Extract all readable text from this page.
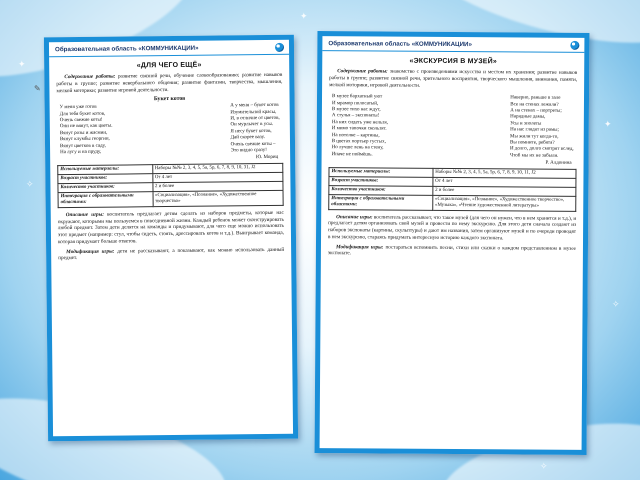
✦
✧
✦
✧
✦
✧
Образовательная область «КОММУНИКАЦИИ»
«ДЛЯ ЧЕГО ЕЩЁ»
Содержание работы: развитие связной речи, обучение словообразованию; развитие навыков работы в группе; развитие невербального общения; развитие фантазии, творчества, мышления, мелкой моторики; развитие игровой деятельности.
Букет котов
У меня уже готов
Для тебя букет котов,
Очень свежие коты!
Они не вянут, как цветы.
Вянут розы и жасмин,
Вянут клумбы георгин,
Вянут цветков в саду,
На лугу и на пруду,
А у меня – букет котов
Изумительной красы,
И, в отличие от цветов,
Он мурлычет в усы.
Я несу букет котов,
Дай скорее вазу.
Очень свежие коты –
Это видно сразу!
Ю. Мориц
Используемые материалы:	Наборы №№ 2, 3, 4, 5, 5а, 5р, 6, 7, 8, 9, 10, 31, J2
Возраст участников:	От 4 лет
Количество участников:	2 и более
Интеграция с образовательными областями:	«Социализация», «Познание», «Художественное творчество»
Описание игры: воспитатель предлагает детям сделать из наборов предметы, которые нас окружают, которыми мы пользуемся в повседневной жизни. Каждый ребенок может сконструировать любой предмет. Затем дети делятся на команды и придумывают, для чего еще можно использовать этот предмет (например: стул, чтобы сидеть, стоять, дрессировать котов и т.д.). Выигрывает команда, которая придумает больше ответов.
Модификация игры: дети не рассказывают, а показывают, как можно использовать данный предмет.
✎
Образовательная область «КОММУНИКАЦИИ»
«ЭКСКУРСИЯ В МУЗЕЙ»
Содержание работы: знакомство с произведениями искусства и местом их хранения; развитие навыков работы в группе; развитие связной речи, зрительного восприятия, творческого мышления, внимания, памяти, мелкой моторики, игровой деятельности.
В музее бархатный уют
И мрамор полосатый,
В музее тихо нас ждут,
А стулья – экспонаты!
На них сидеть уже нельзя,
И мимо тапочки скользят.
На потолке – картины,
В цветах портьер густых,
Но лучше лень на стену,
Иначе не поймёшь.
Наверно, раньше в зале
Все на стенах лежали?
А на стенах – портреты;
Нарядные дамы,
Усы и эполеты
На нас глядят из рамы;
Мы жили тут когда-то,
Вы помните, ребята?
И долго, долго смотрят вслед,
Чтоб мы их не забыли.
Р. Алдонина
Используемые материалы:	Наборы №№ 2, 3, 4, 5, 5а, 5р, 6, 7, 8, 9, 10, 11, J2
Возраст участников:	От 4 лет
Количество участников:	2 и более
Интеграция с образовательными областями:	«Социализация», «Познание», «Художественное творчество», «Музыка», «Чтение художественной литературы»
Описание игры: воспитатель рассказывает, что такое музей (для чего он нужен, что в нем хранится и т.д.), и предлагает детям организовать свой музей и провести по нему экскурсию. Для этого дети сначала создают из наборов экспонаты (картины, скульптуры) и дают им названия, затем организуют музей и по очереди проводят в нем экскурсию, стараясь придумать интересную историю каждого экспоната.
Модификация игры: постараться вспомнить песни, стихи или сказки о каждом представленном в музее экспонате.
